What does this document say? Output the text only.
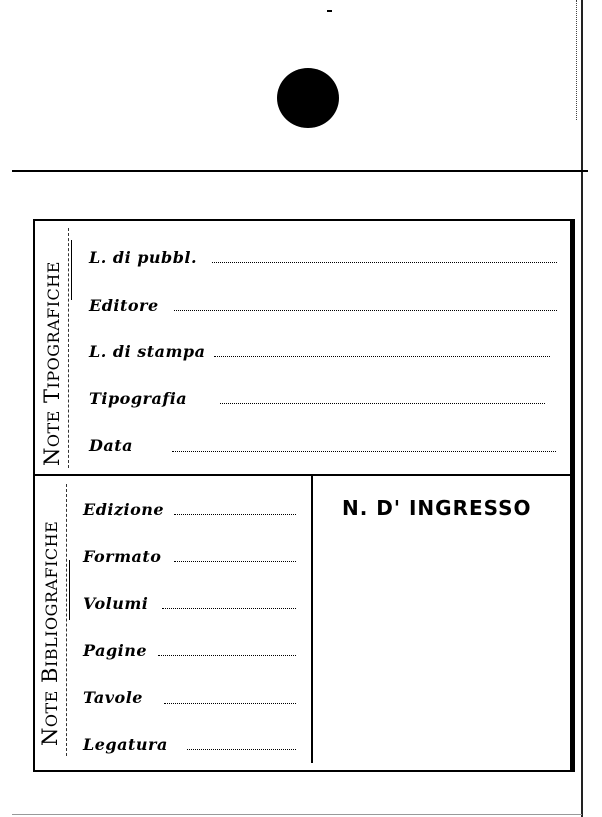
NOTE TIPOGRAFICHE
L. di pubbl.
Editore
L. di stampa
Tipografia
Data
NOTE BIBLIOGRAFICHE
Edizione
Formato
Volumi
Pagine
Tavole
Legatura
N. D' INGRESSO
